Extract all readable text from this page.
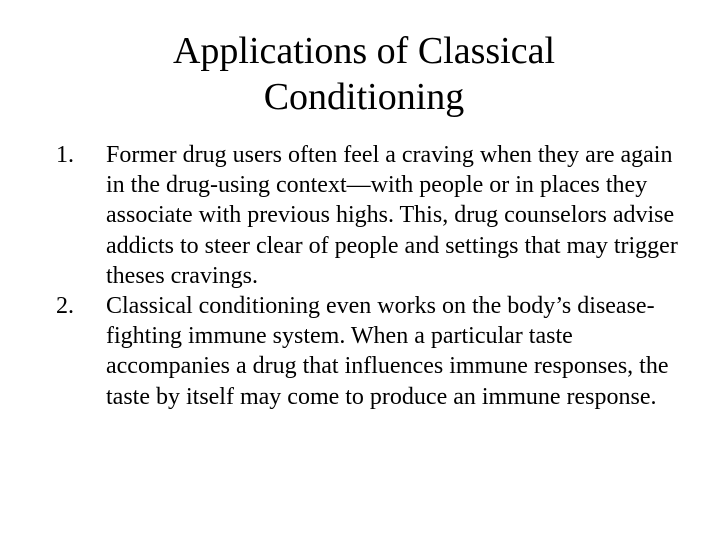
Applications of Classical
Conditioning
1. Former drug users often feel a craving when they are again in the drug-using context—with people or in places they associate with previous highs. This, drug counselors advise addicts to steer clear of people and settings that may trigger theses cravings.
2. Classical conditioning even works on the body’s disease-fighting immune system. When a particular taste accompanies a drug that influences immune responses, the taste by itself may come to produce an immune response.
